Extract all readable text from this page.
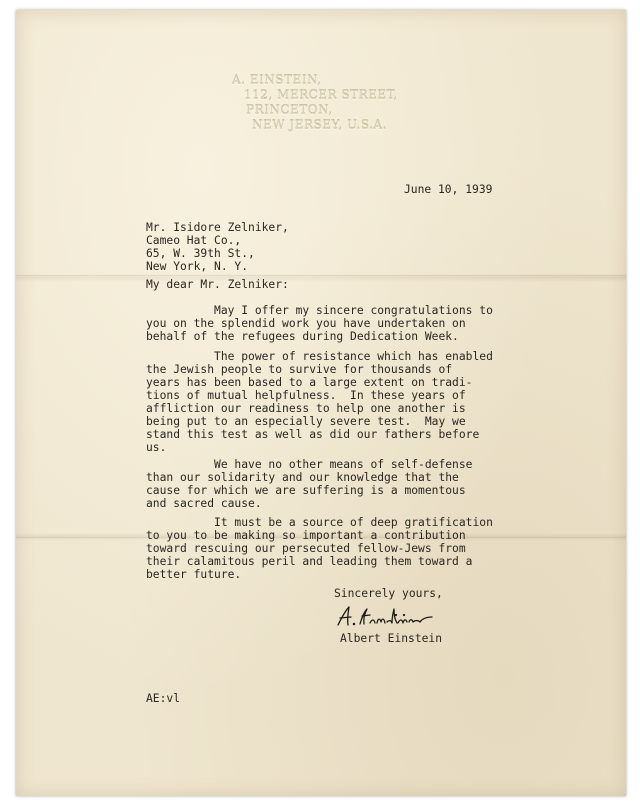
A. EINSTEIN,
112, MERCER STREET,
PRINCETON,
NEW JERSEY, U.S.A.
June 10, 1939
Mr. Isidore Zelniker,
Cameo Hat Co.,
65, W. 39th St.,
New York, N. Y.
My dear Mr. Zelniker:
May I offer my sincere congratulations to
you on the splendid work you have undertaken on
behalf of the refugees during Dedication Week.
The power of resistance which has enabled
the Jewish people to survive for thousands of
years has been based to a large extent on tradi-
tions of mutual helpfulness.  In these years of
affliction our readiness to help one another is
being put to an especially severe test.  May we
stand this test as well as did our fathers before
us.
We have no other means of self-defense
than our solidarity and our knowledge that the
cause for which we are suffering is a momentous
and sacred cause.
It must be a source of deep gratification
to you to be making so important a contribution
toward rescuing our persecuted fellow-Jews from
their calamitous peril and leading them toward a
better future.
Sincerely yours,
Albert Einstein
AE:vl
